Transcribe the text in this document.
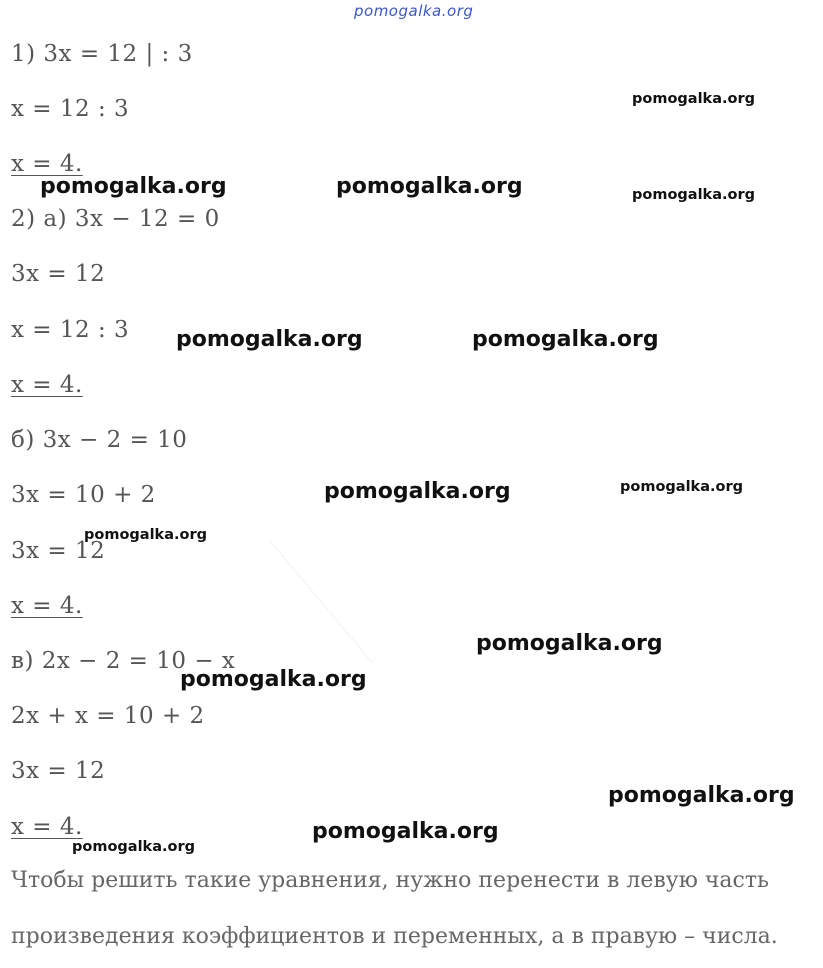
pomogalka.org
1) 3x = 12 | : 3
x = 12 : 3
x = 4.
2) а) 3x − 12 = 0
3x = 12
x = 12 : 3
x = 4.
б) 3x − 2 = 10
3x = 10 + 2
3x = 12
x = 4.
в) 2x − 2 = 10 − x
2x + x = 10 + 2
3x = 12
x = 4.
Чтобы решить такие уравнения, нужно перенести в левую часть
произведения коэффициентов и переменных, а в правую – числа.
pomogalka.org
pomogalka.org	pomogalka.org	pomogalka.org
pomogalka.org	pomogalka.org
pomogalka.org	pomogalka.org
pomogalka.org
pomogalka.org
pomogalka.org
pomogalka.org
pomogalka.org
pomogalka.org
